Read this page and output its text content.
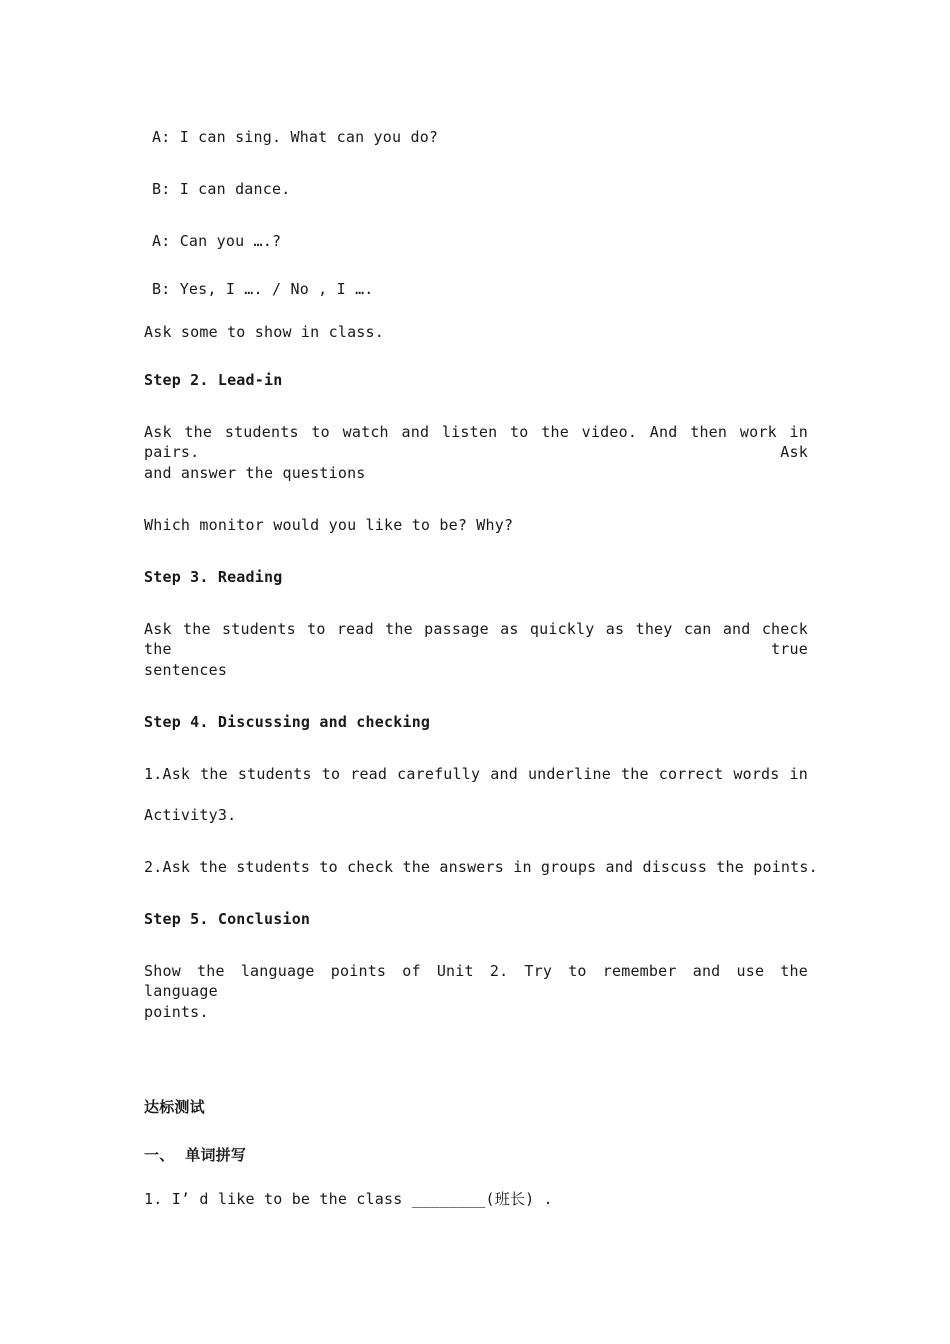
A: I can sing. What can you do?
B: I can dance.
A: Can you ….?
B: Yes, I …. / No , I ….
Ask some to show in class.
Step 2. Lead-in
Ask the students to watch and listen to the video. And then work in pairs. Ask
and answer the questions
Which monitor would you like to be? Why?
Step 3. Reading
Ask the students to read the passage as quickly as they can and check the true
sentences
Step 4. Discussing and checking
1.Ask the students to read carefully and underline the correct words in
Activity3.
2.Ask the students to check the answers in groups and discuss the points.
Step 5. Conclusion
Show the language points of Unit 2. Try to remember and use the language
points.
达标测试
一、  单词拼写
1. I’ d like to be the class ________(班长) .
